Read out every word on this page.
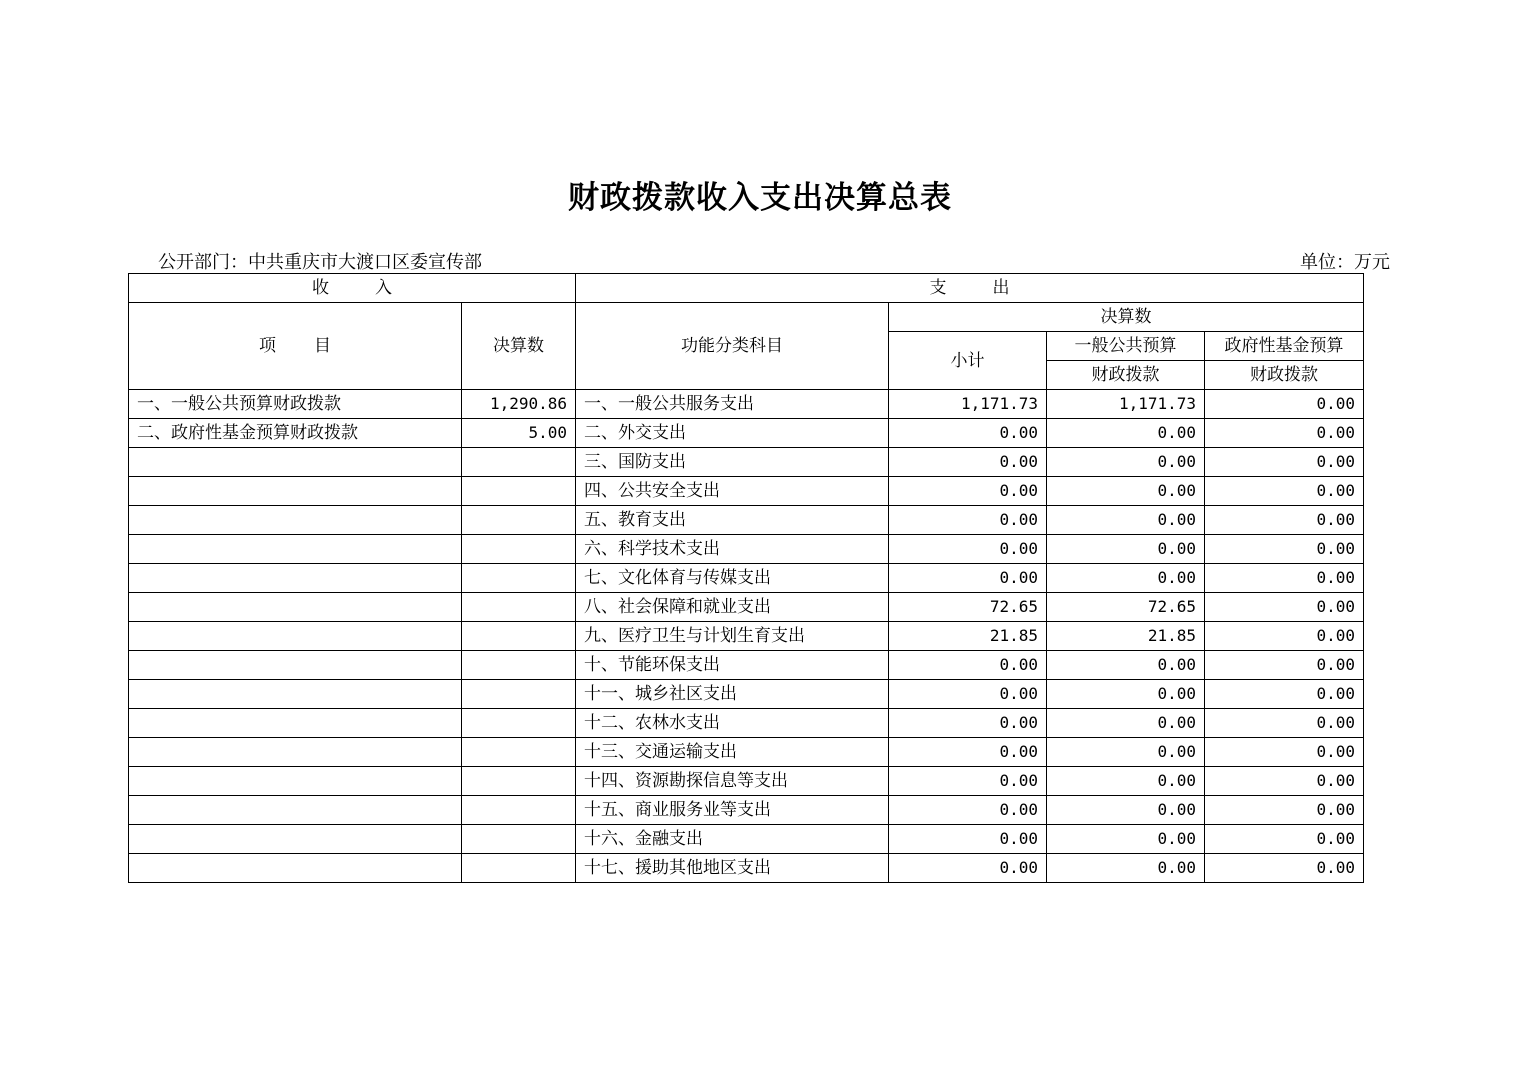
财政拨款收入支出决算总表
公开部门：中共重庆市大渡口区委宣传部	单位：万元
收 入		支 出			
项 目	决算数	功能分类科目	决算数		
			小计	一般公共预算	政府性基金预算
				财政拨款	财政拨款
一、一般公共预算财政拨款	1,290.86	一、一般公共服务支出	1,171.73	1,171.73	0.00
二、政府性基金预算财政拨款	5.00	二、外交支出	0.00	0.00	0.00
		三、国防支出	0.00	0.00	0.00
		四、公共安全支出	0.00	0.00	0.00
		五、教育支出	0.00	0.00	0.00
		六、科学技术支出	0.00	0.00	0.00
		七、文化体育与传媒支出	0.00	0.00	0.00
		八、社会保障和就业支出	72.65	72.65	0.00
		九、医疗卫生与计划生育支出	21.85	21.85	0.00
		十、节能环保支出	0.00	0.00	0.00
		十一、城乡社区支出	0.00	0.00	0.00
		十二、农林水支出	0.00	0.00	0.00
		十三、交通运输支出	0.00	0.00	0.00
		十四、资源勘探信息等支出	0.00	0.00	0.00
		十五、商业服务业等支出	0.00	0.00	0.00
		十六、金融支出	0.00	0.00	0.00
		十七、援助其他地区支出	0.00	0.00	0.00
